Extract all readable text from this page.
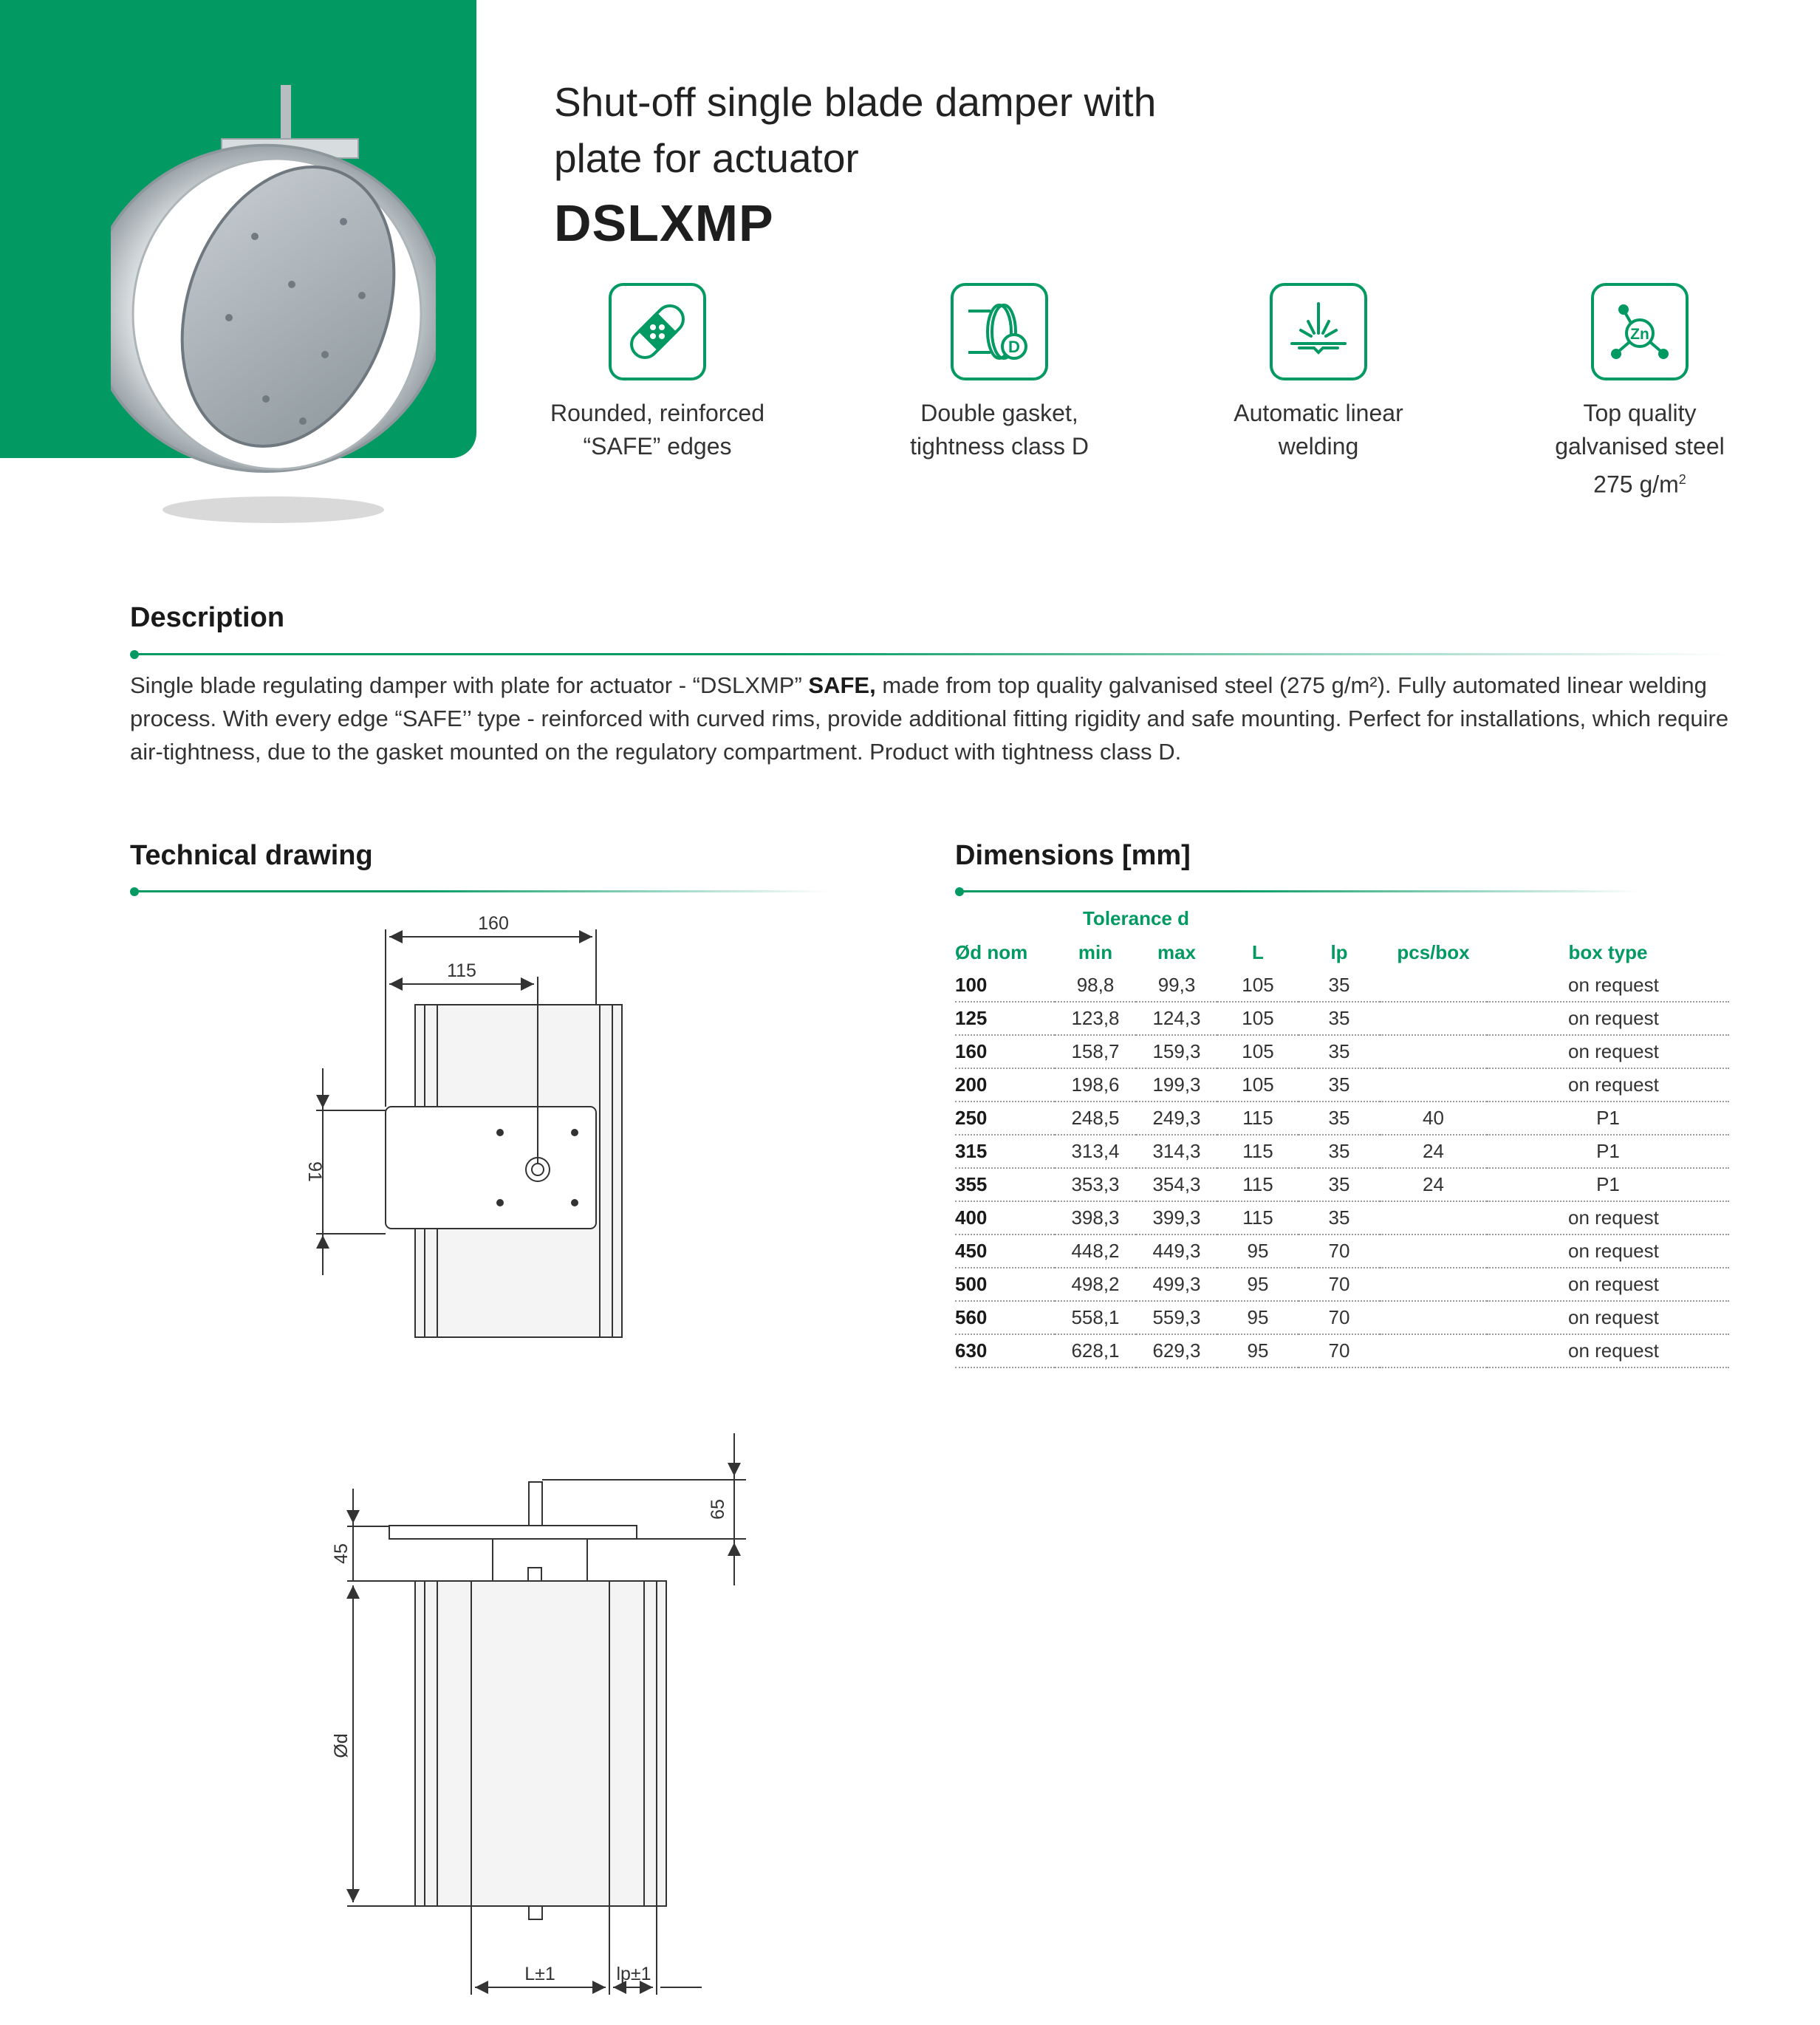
Shut-off single blade damper with
plate for actuator
DSLXMP
Rounded, reinforced
“SAFE” edges
D
Double gasket,
tightness class D
Automatic linear
welding
Zn
Top quality
galvanised steel
275 $g/m^2$
Description
Single blade regulating damper with plate for actuator - “DSLXMP” SAFE, made from top quality galvanised steel (275 g/m²). Fully automated linear welding process. With every edge “SAFE’’ type - reinforced with curved rims, provide additional fitting rigidity and safe mounting. Perfect for installations, which require air-tightness, due to the gasket mounted on the regulatory compartment. Product with tightness class D.
Technical drawing
160
115
91
65
45
Ød
L±1	lp±1
Dimensions [mm]
	Tolerance d					
Ød nom	min	max	L	lp	pcs/box	box type
100	98,8	99,3	105	35		on request
125	123,8	124,3	105	35		on request
160	158,7	159,3	105	35		on request
200	198,6	199,3	105	35		on request
250	248,5	249,3	115	35	40	P1
315	313,4	314,3	115	35	24	P1
355	353,3	354,3	115	35	24	P1
400	398,3	399,3	115	35		on request
450	448,2	449,3	95	70		on request
500	498,2	499,3	95	70		on request
560	558,1	559,3	95	70		on request
630	628,1	629,3	95	70		on request
